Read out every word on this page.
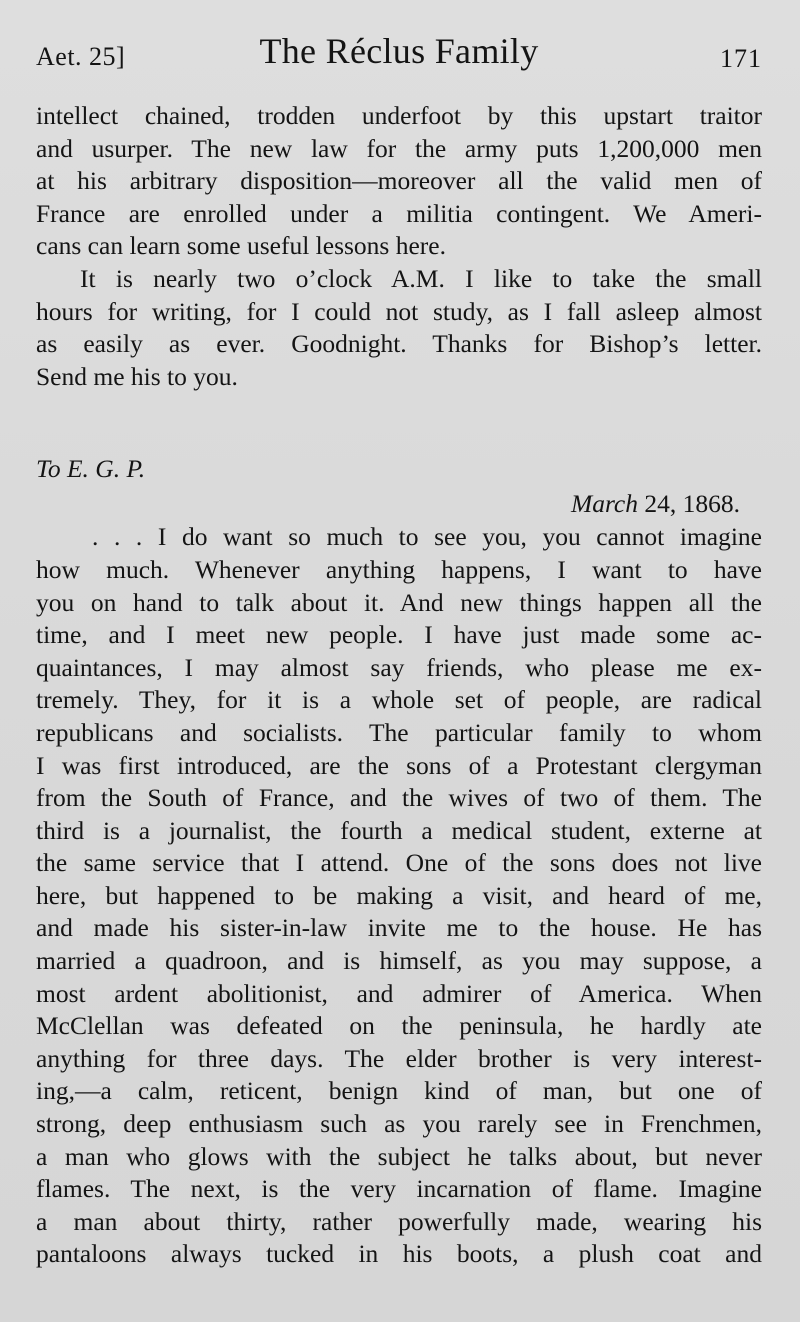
Aet. 25]	The Réclus Family	171
intellect chained, trodden underfoot by this upstart traitor
and usurper. The new law for the army puts 1,200,000 men
at his arbitrary disposition—moreover all the valid men of
France are enrolled under a militia contingent. We Ameri-
cans can learn some useful lessons here.
It is nearly two o’clock A.M. I like to take the small
hours for writing, for I could not study, as I fall asleep almost
as easily as ever. Goodnight. Thanks for Bishop’s letter.
Send me his to you.
To E. G. P.
March 24, 1868.
. . . I do want so much to see you, you cannot imagine
how much. Whenever anything happens, I want to have
you on hand to talk about it. And new things happen all the
time, and I meet new people. I have just made some ac-
quaintances, I may almost say friends, who please me ex-
tremely. They, for it is a whole set of people, are radical
republicans and socialists. The particular family to whom
I was first introduced, are the sons of a Protestant clergyman
from the South of France, and the wives of two of them. The
third is a journalist, the fourth a medical student, externe at
the same service that I attend. One of the sons does not live
here, but happened to be making a visit, and heard of me,
and made his sister-in-law invite me to the house. He has
married a quadroon, and is himself, as you may suppose, a
most ardent abolitionist, and admirer of America. When
McClellan was defeated on the peninsula, he hardly ate
anything for three days. The elder brother is very interest-
ing,—a calm, reticent, benign kind of man, but one of
strong, deep enthusiasm such as you rarely see in Frenchmen,
a man who glows with the subject he talks about, but never
flames. The next, is the very incarnation of flame. Imagine
a man about thirty, rather powerfully made, wearing his
pantaloons always tucked in his boots, a plush coat and
